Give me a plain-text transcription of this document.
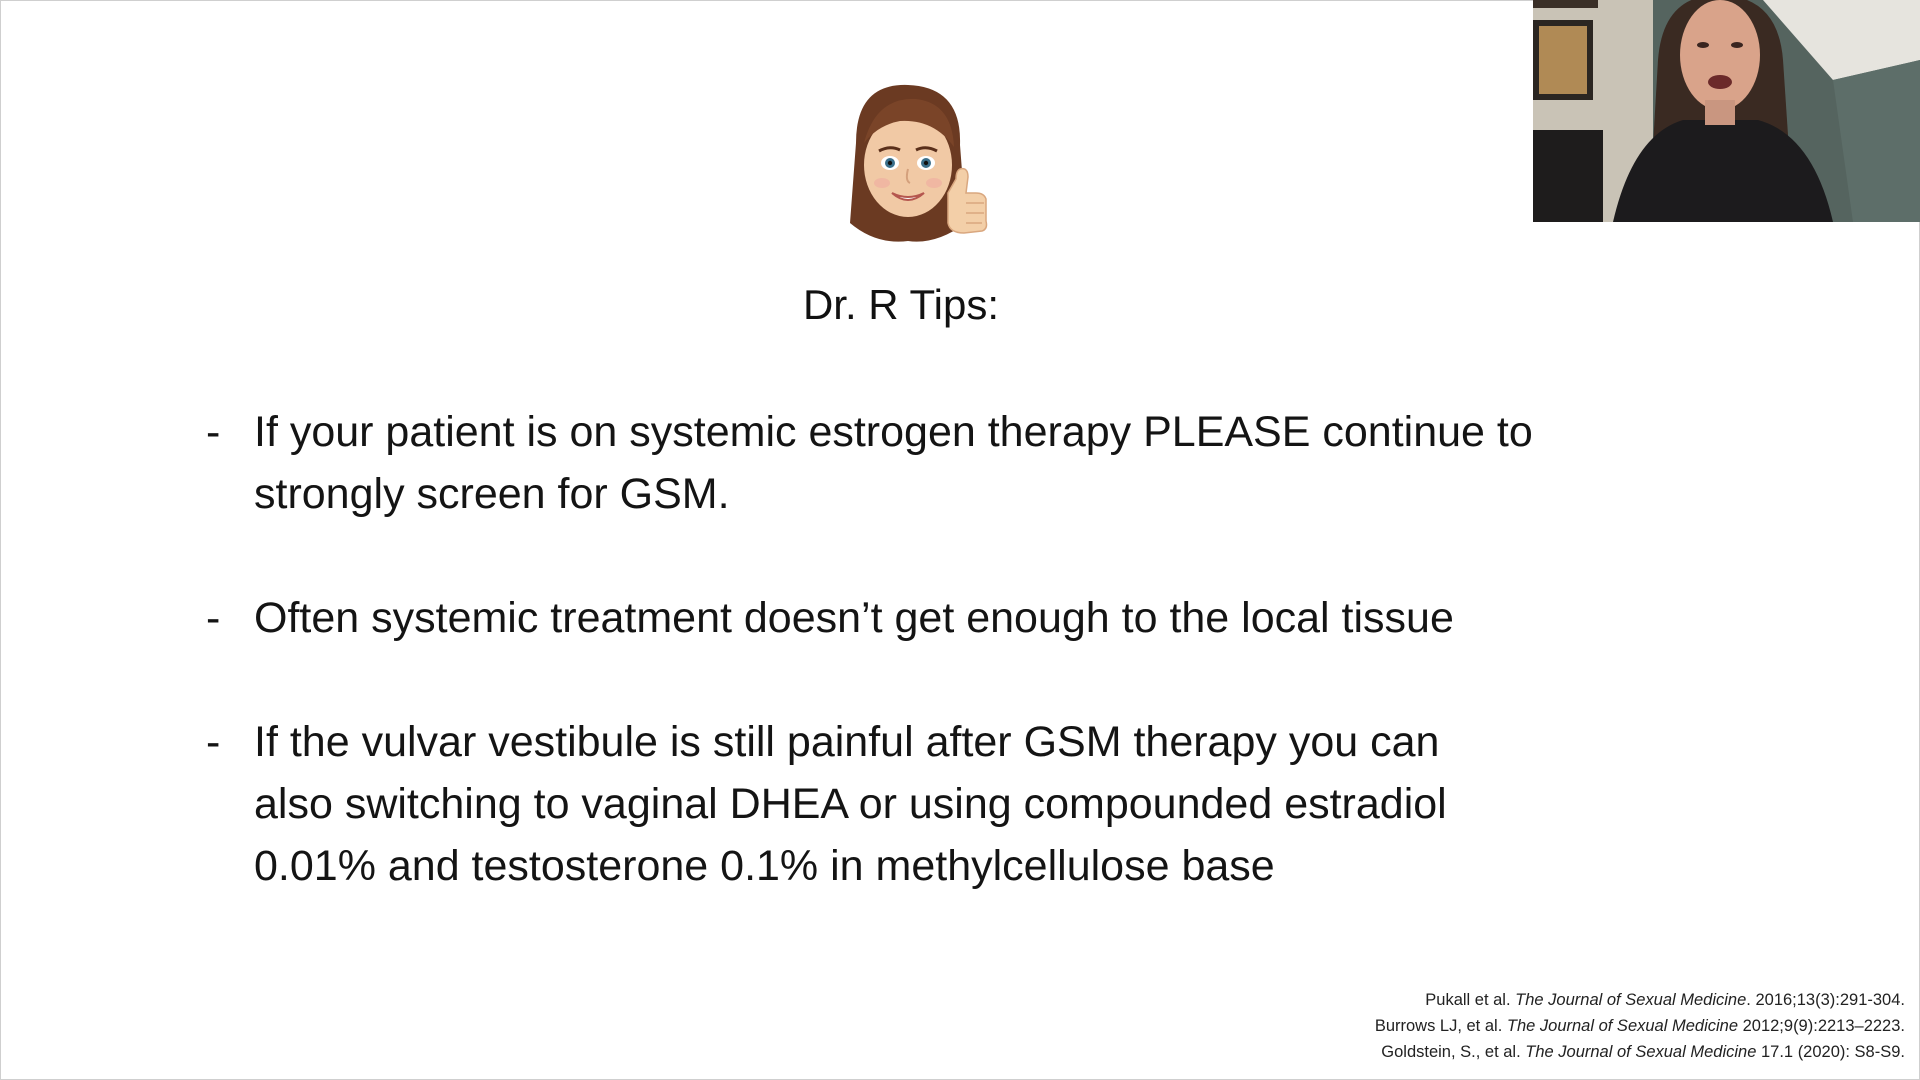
Dr. R Tips:
- If your patient is on systemic estrogen therapy PLEASE continue to
strongly screen for GSM.
- Often systemic treatment doesn’t get enough to the local tissue
- If the vulvar vestibule is still painful after GSM therapy you can
also switching to vaginal DHEA or using compounded estradiol
0.01% and testosterone 0.1% in methylcellulose base
Pukall et al. The Journal of Sexual Medicine. 2016;13(3):291-304.
Burrows LJ, et al. The Journal of Sexual Medicine 2012;9(9):2213–2223.
Goldstein, S., et al. The Journal of Sexual Medicine 17.1 (2020): S8-S9.
